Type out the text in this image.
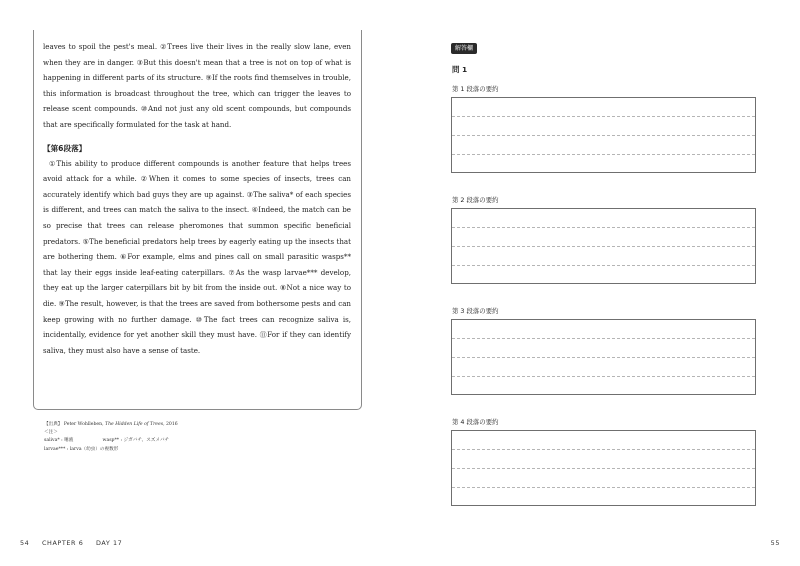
leaves to spoil the pest's meal. ②Trees live their lives in the really slow lane, even when they are in danger. ③But this doesn't mean that a tree is not on top of what is happening in different parts of its structure. ⑨If the roots find themselves in trouble, this information is broadcast throughout the tree, which can trigger the leaves to release scent compounds. ⑩And not just any old scent compounds, but compounds that are specifically formulated for the task at hand.

【第6段落】

①This ability to produce different compounds is another feature that helps trees avoid attack for a while. ②When it comes to some species of insects, trees can accurately identify which bad guys they are up against. ③The saliva* of each species is different, and trees can match the saliva to the insect. ④Indeed, the match can be so precise that trees can release pheromones that summon specific beneficial predators. ⑤The beneficial predators help trees by eagerly eating up the insects that are bothering them. ⑥For example, elms and pines call on small parasitic wasps** that lay their eggs inside leaf-eating caterpillars. ⑦As the wasp larvae*** develop, they eat up the larger caterpillars bit by bit from the inside out. ⑧Not a nice way to die. ⑨The result, however, is that the trees are saved from bothersome pests and can keep growing with no further damage. ⑩The fact trees can recognize saliva is, incidentally, evidence for yet another skill they must have. ⑪For if they can identify saliva, they must also have a sense of taste.

【出典】 Peter Wohlleben, The Hidden Life of Trees, 2016
＜注＞
saliva* : 唾液                    wasp** : ジガバチ、スズメバチ
larvae*** : larva（幼虫）の複数形
54 CHAPTER 6 DAY 17
解答欄
問 1
第 1 段落の要約
第 2 段落の要約
第 3 段落の要約
第 4 段落の要約
55
